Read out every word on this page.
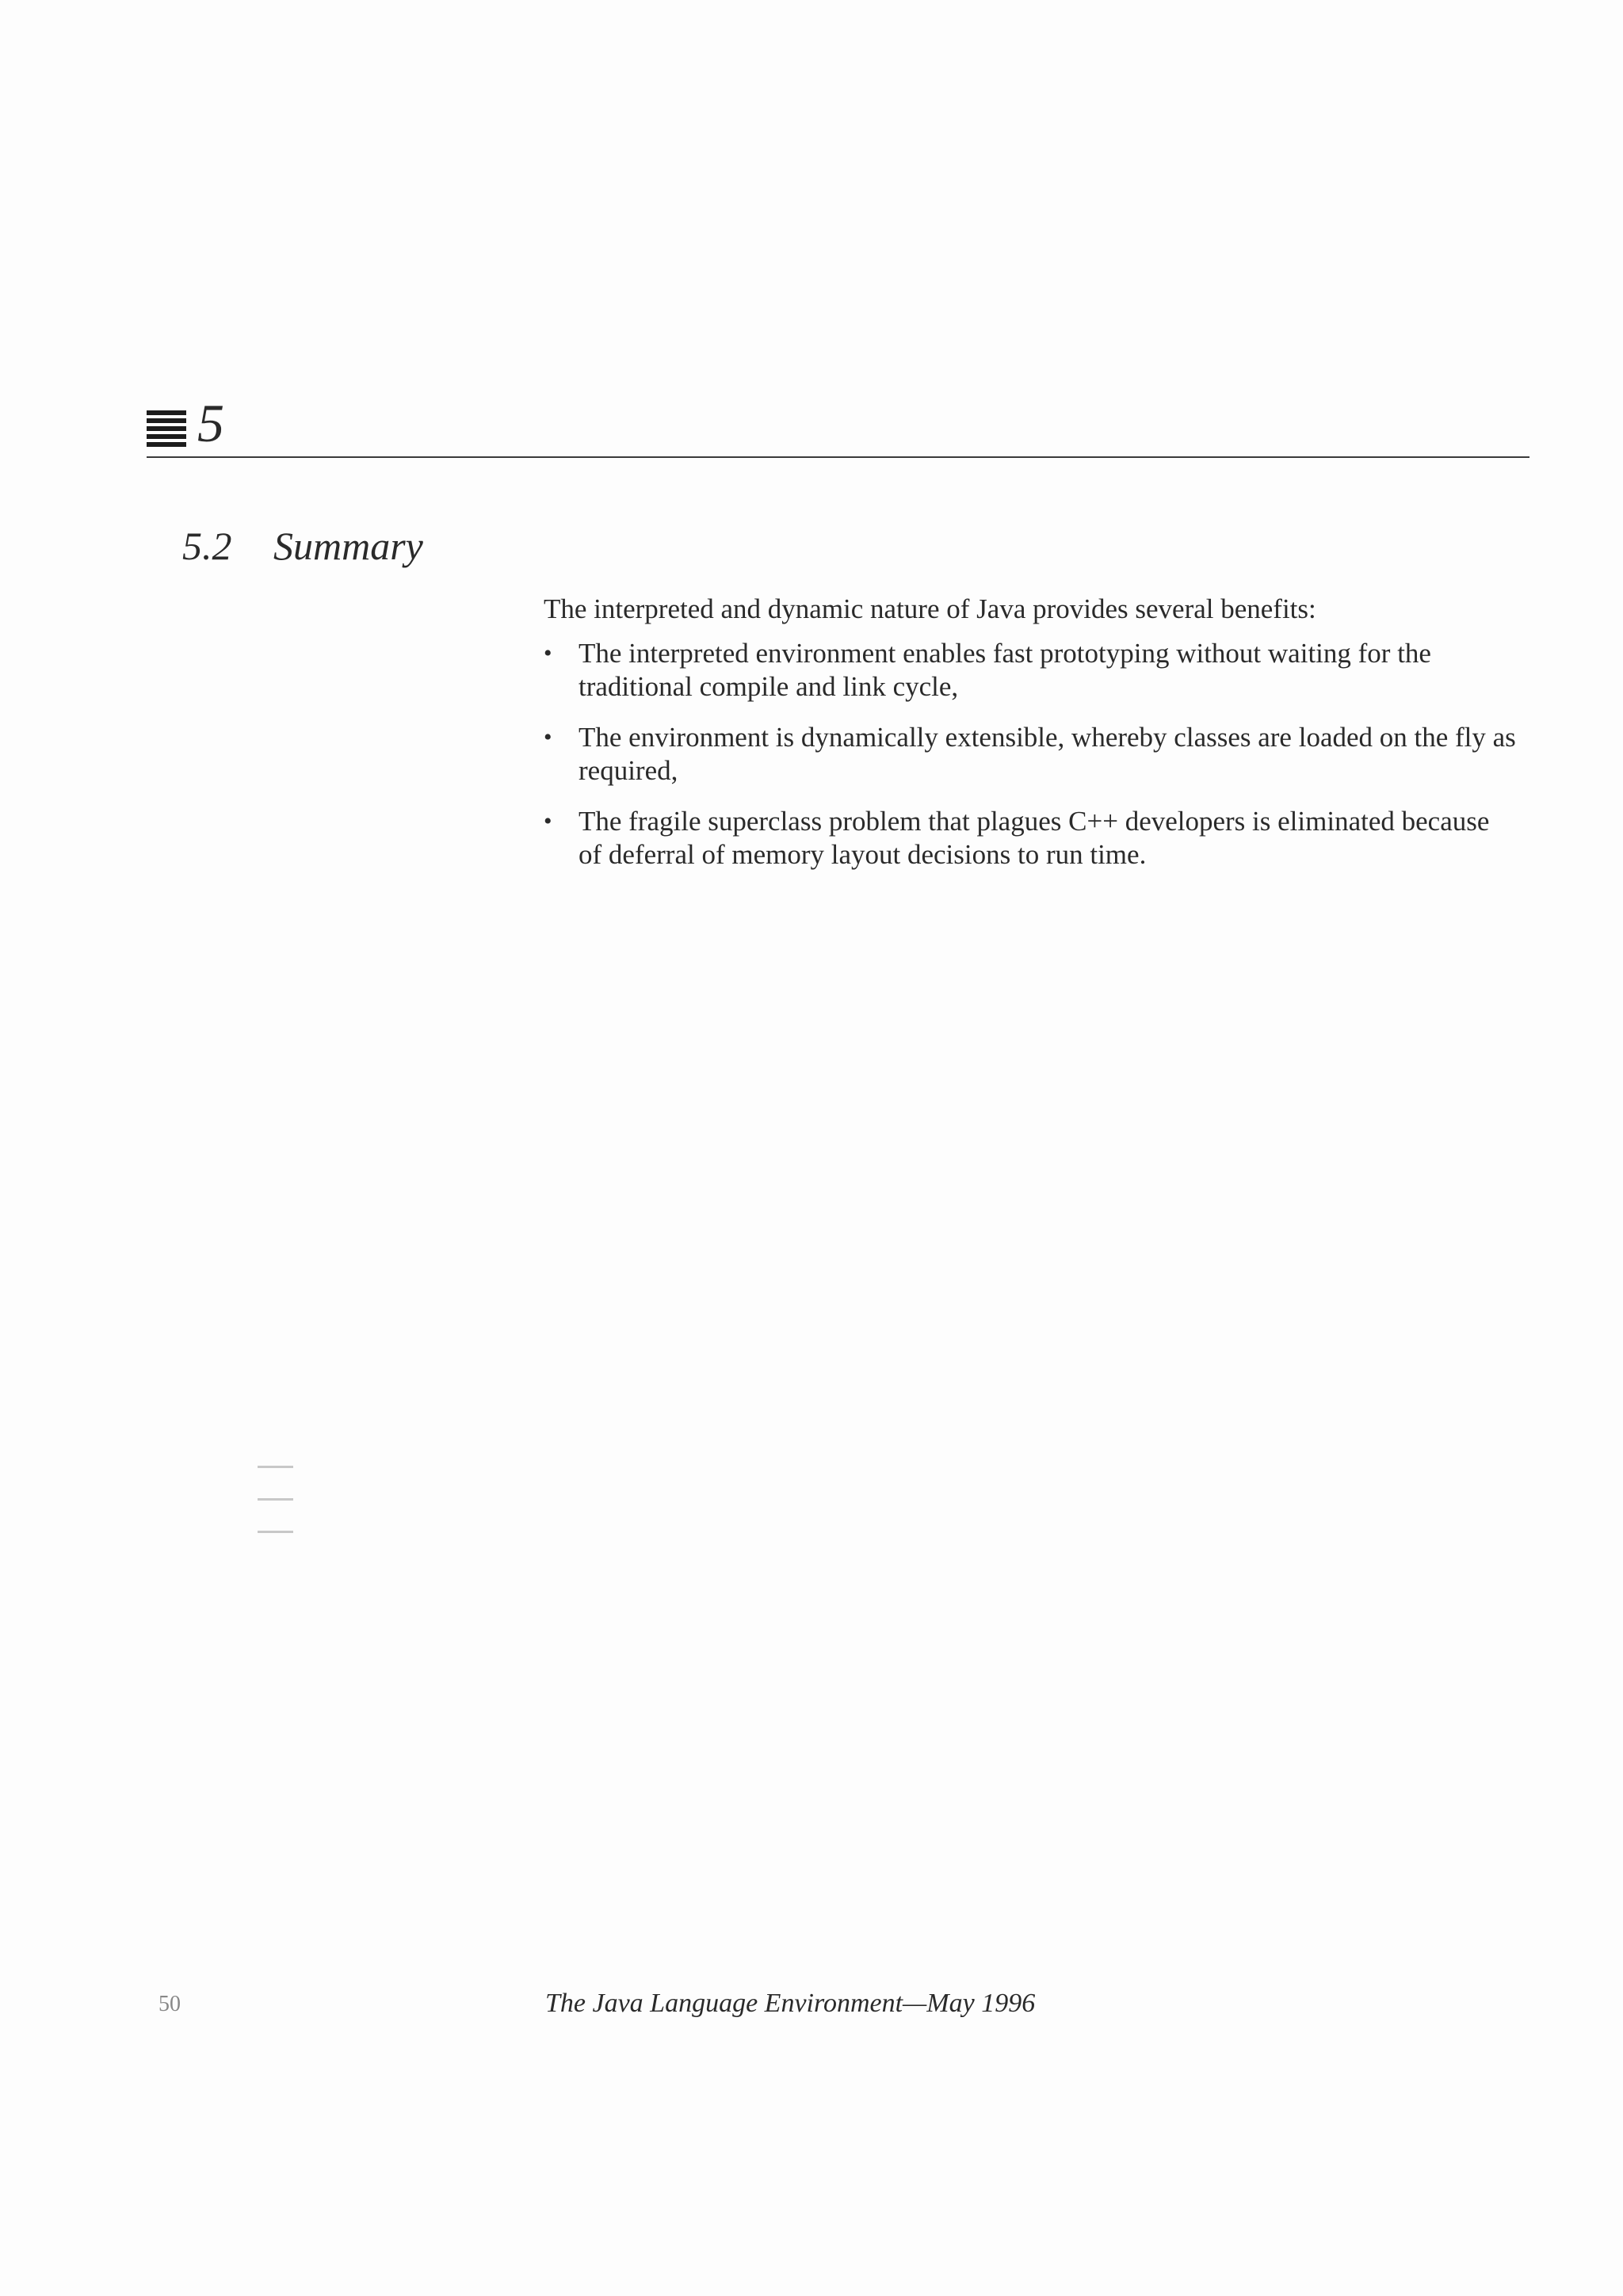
5
5.2 Summary

The interpreted and dynamic nature of Java provides several benefits:

• The interpreted environment enables fast prototyping without waiting for the traditional compile and link cycle,
• The environment is dynamically extensible, whereby classes are loaded on the fly as required,
• The fragile superclass problem that plagues C++ developers is eliminated because of deferral of memory layout decisions to run time.
50	The Java Language Environment—May 1996
